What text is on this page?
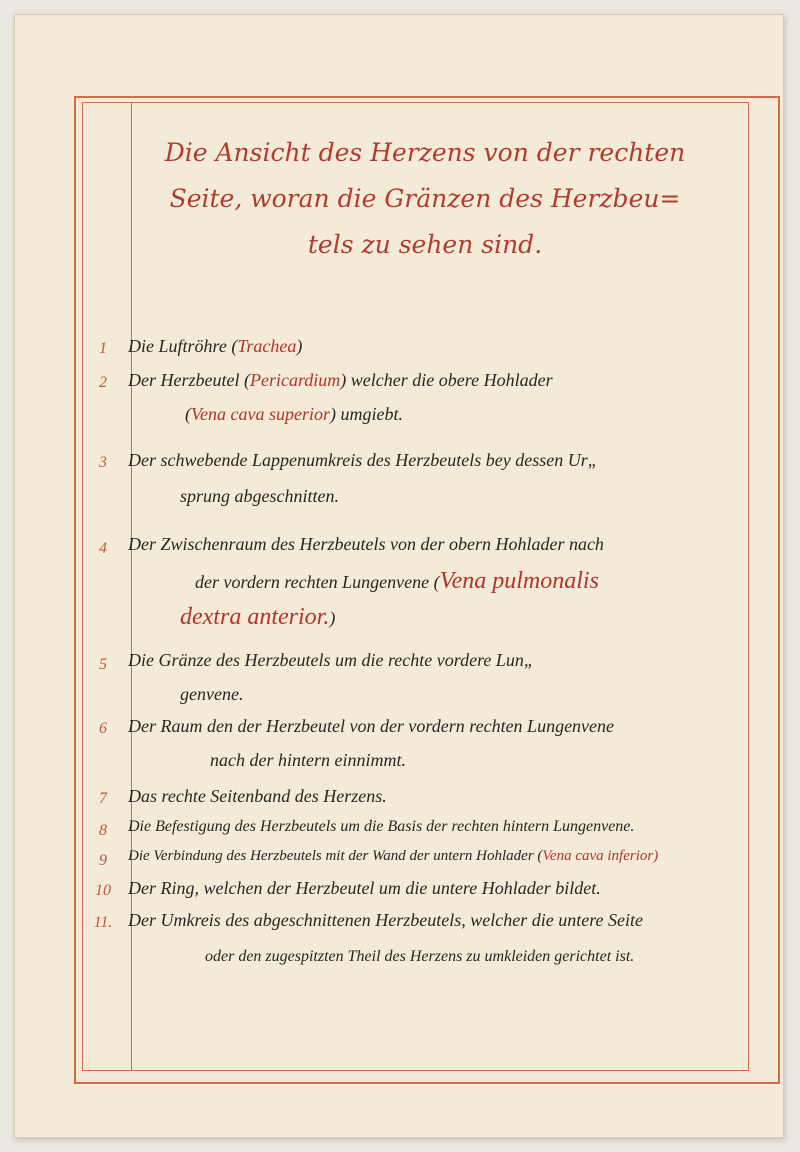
Die Ansicht des Herzens von der rechten
Seite, woran die Gränzen des Herzbeu=
tels zu sehen sind.
1	Die Luftröhre (Trachea)
2	Der Herzbeutel (Pericardium) welcher die obere Hohlader
(Vena cava superior) umgiebt.
3	Der schwebende Lappenumkreis des Herzbeutels bey dessen Ur„
sprung abgeschnitten.
4	Der Zwischenraum des Herzbeutels von der obern Hohlader nach
der vordern rechten Lungenvene (Vena pulmonalis
dextra anterior.)
5	Die Gränze des Herzbeutels um die rechte vordere Lun„
genvene.
6	Der Raum den der Herzbeutel von der vordern rechten Lungenvene
nach der hintern einnimmt.
7	Das rechte Seitenband des Herzens.
8	Die Befestigung des Herzbeutels um die Basis der rechten hintern Lungenvene.
9	Die Verbindung des Herzbeutels mit der Wand der untern Hohlader (Vena cava inferior)
10 Der Ring, welchen der Herzbeutel um die untere Hohlader bildet.
11. Der Umkreis des abgeschnittenen Herzbeutels, welcher die untere Seite
oder den zugespitzten Theil des Herzens zu umkleiden gerichtet ist.
